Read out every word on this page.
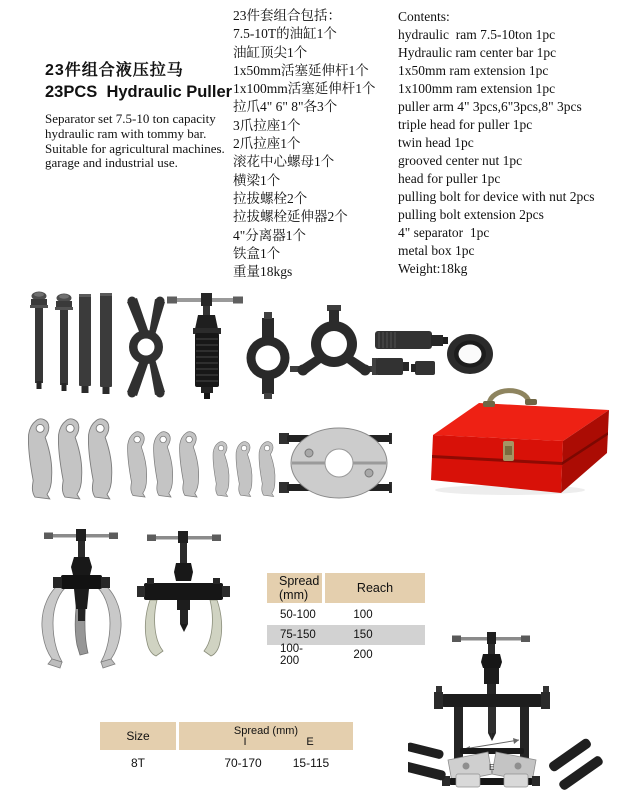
23件组合液压拉马
23PCS  Hydraulic Puller
Separator set 7.5-10 ton capacity
hydraulic ram with tommy bar.
Suitable for agricultural machines.
garage and industrial use.
23件套组合包括：
7.5-10T的油缸1个
油缸顶尖1个
1x50mm活塞延伸杆1个
1x100mm活塞延伸杆1个
拉爪4" 6" 8"各3个
3爪拉座1个
2爪拉座1个
滚花中心螺母1个
横梁1个
拉拔螺栓2个
拉拔螺栓延伸器2个
4"分离器1个
铁盒1个
重量18kgs
Contents:
hydraulic  ram 7.5-10ton 1pc
Hydraulic ram center bar 1pc
1x50mm ram extension 1pc
1x100mm ram extension 1pc
puller arm 4" 3pcs,6"3pcs,8" 3pcs
triple head for puller 1pc
twin head 1pc
grooved center nut 1pc
head for puller 1pc
pulling bolt for device with nut 2pcs
pulling bolt extension 2pcs
4" separator  1pc
metal box 1pc
Weight:18kg
Spread
(mm)	Reach
50-100	100
75-150	150
100-200	200
Size	Spread (mm)
I	E
8T	70-170	15-115
I
E
